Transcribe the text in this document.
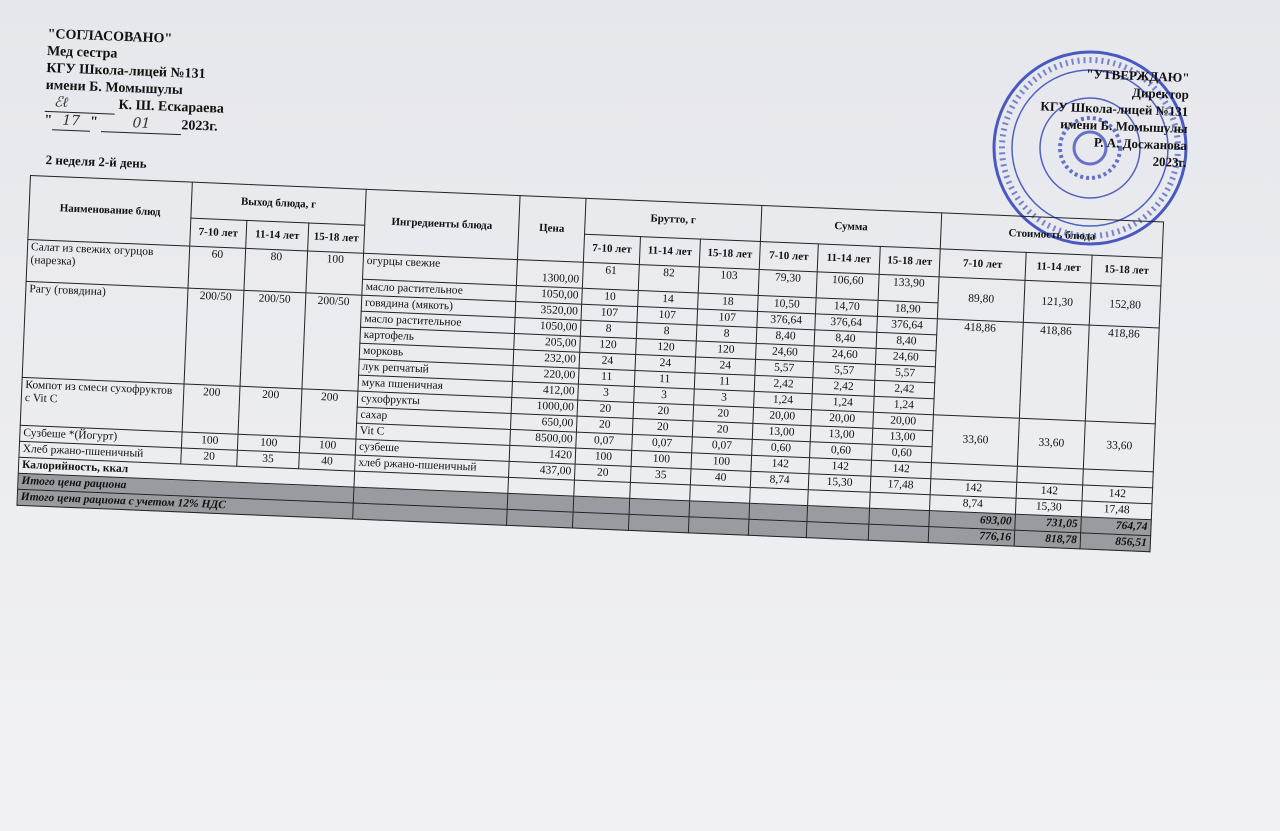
"СОГЛАСОВАНО"
Мед сестра
КГУ Школа-лицей №131
имени Б. Момышулы
ℰℓ     К. Ш. Ескараева
" 17 " 01 2023г.
2 неделя 2-й день
"УТВЕРЖДАЮ"
Директор
КГУ Школа-лицей №131
имени Б. Момышулы
Р. А. Досжанова
2023г.
Наименование блюд	Выход блюда, г			Ингредиенты блюда	Цена	Брутто, г			Сумма			Стоимость блюда		
	7-10 лет	11-14 лет	15-18 лет			7-10 лет	11-14 лет	15-18 лет	7-10 лет	11-14 лет	15-18 лет	7-10 лет	11-14 лет	15-18 лет
Салат из свежих огурцов (нарезка)	60	80	100	огурцы свежие	1300,00	61	82	103	79,30	106,60	133,90	89,80	121,30	152,80
				масло растительное	1050,00	10	14	18	10,50	14,70	18,90			
Рагу (говядина)	200/50	200/50	200/50	говядина (мякоть)	3520,00	107	107	107	376,64	376,64	376,64	418,86	418,86	418,86
				масло растительное	1050,00	8	8	8	8,40	8,40	8,40			
				картофель	205,00	120	120	120	24,60	24,60	24,60			
				морковь	232,00	24	24	24	5,57	5,57	5,57			
				лук репчатый	220,00	11	11	11	2,42	2,42	2,42			
				мука пшеничная	412,00	3	3	3	1,24	1,24	1,24			
Компот из смеси сухофруктов с Vit C	200	200	200	сухофрукты	1000,00	20	20	20	20,00	20,00	20,00	33,60	33,60	33,60
				сахар	650,00	20	20	20	13,00	13,00	13,00			
				Vit C	8500,00	0,07	0,07	0,07	0,60	0,60	0,60			
Сузбеше *(Йогурт)	100	100	100	сузбеше	1420	100	100	100	142	142	142			
Хлеб ржано-пшеничный	20	35	40	хлеб ржано-пшеничный	437,00	20	35	40	8,74	15,30	17,48	142	142	142
Калорийность, ккал												8,74	15,30	17,48
Итого цена рациона												693,00	731,05	764,74
Итого цена рациона с учетом 12% НДС												776,16	818,78	856,51
